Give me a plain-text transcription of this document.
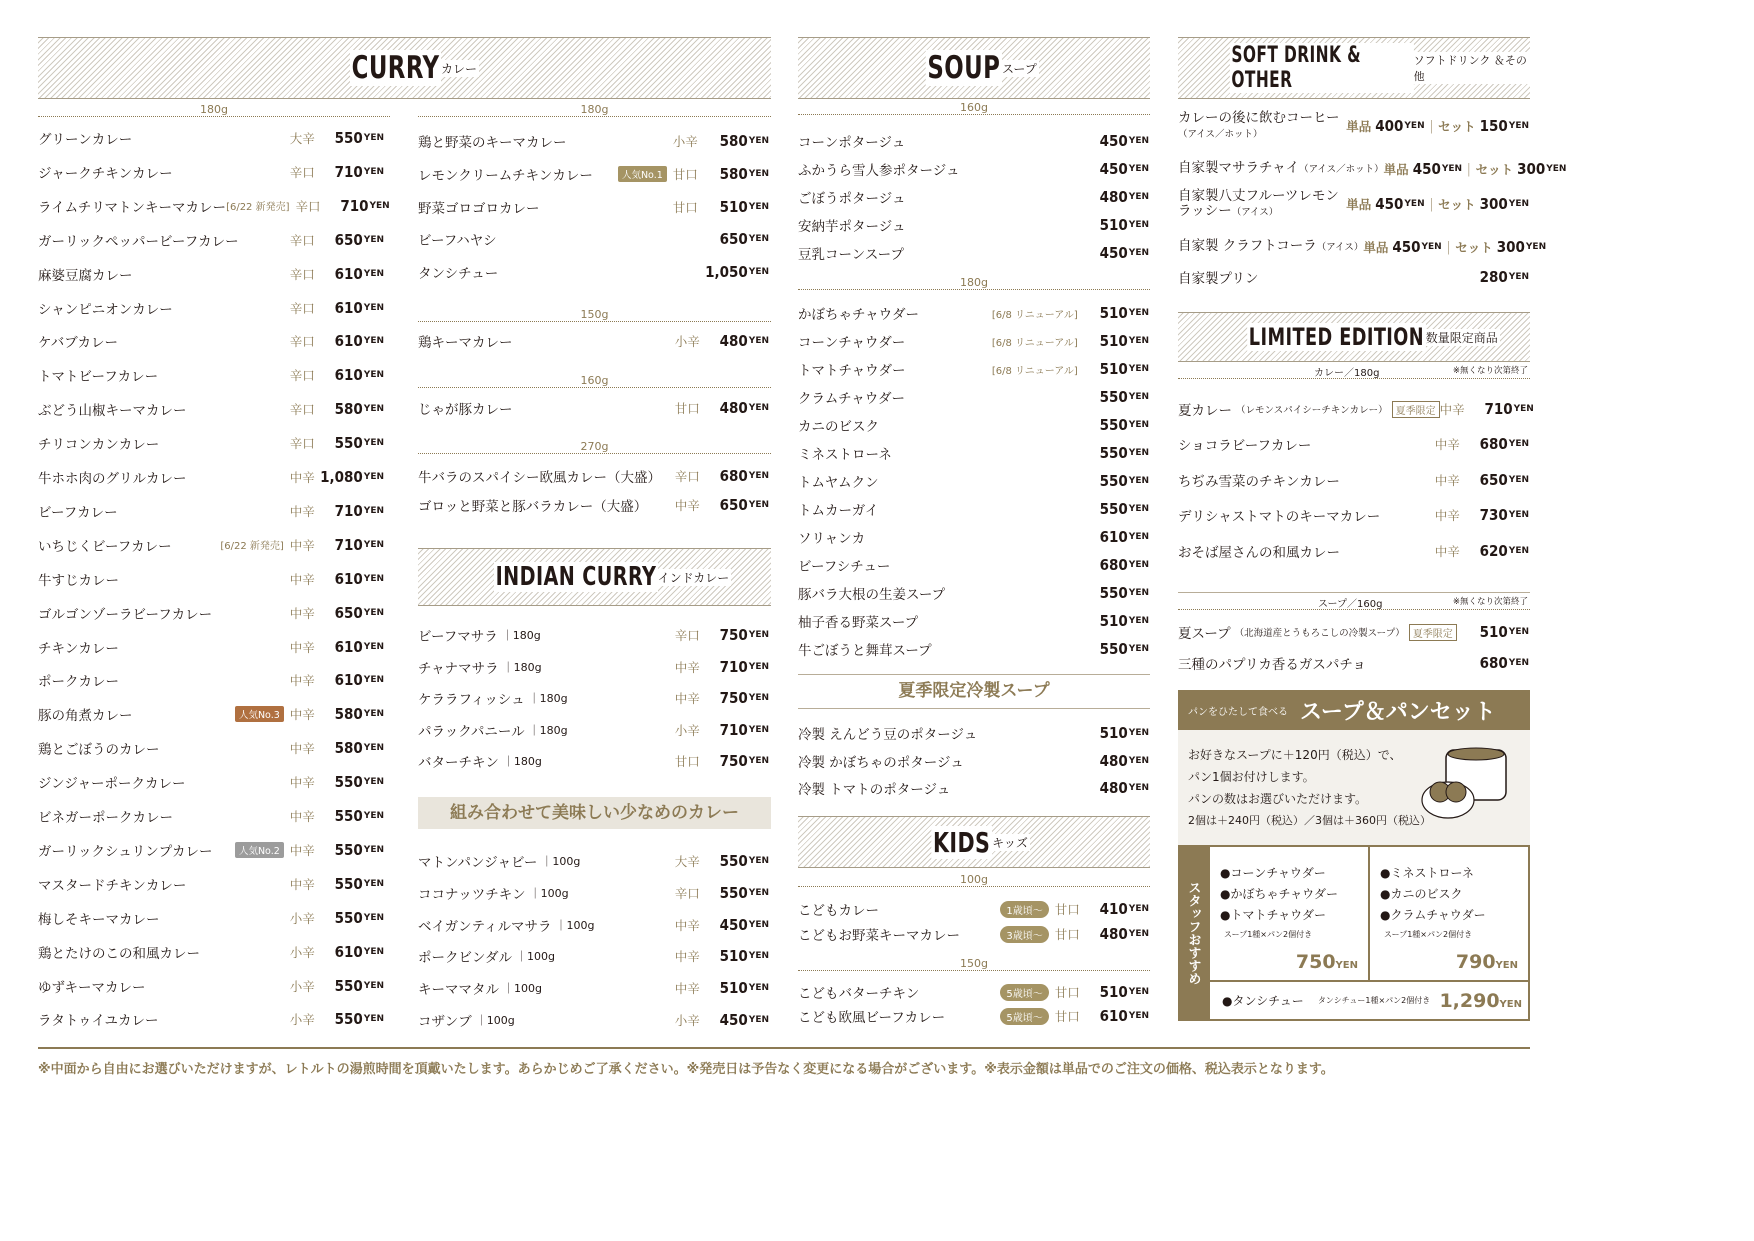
CURRY カレー
180g	180g
グリーンカレー	大辛	550 YEN
ジャークチキンカレー	辛口	710 YEN
ライムチリマトンキーマカレー [6/22 新発売] 辛口	710 YEN
ガーリックペッパービーフカレー	辛口	650 YEN
麻婆豆腐カレー	辛口	610 YEN
シャンピニオンカレー	辛口	610 YEN
ケバブカレー	辛口	610 YEN
トマトビーフカレー	辛口	610 YEN
ぶどう山椒キーマカレー	辛口	580 YEN
チリコンカンカレー	辛口	550 YEN
牛ホホ肉のグリルカレー	中辛 1,080 YEN
ビーフカレー	中辛	710 YEN
いちじくビーフカレー	[6/22 新発売] 中辛	710 YEN
牛すじカレー	中辛	610 YEN
ゴルゴンゾーラビーフカレー	中辛	650 YEN
チキンカレー	中辛	610 YEN
ポークカレー	中辛	610 YEN
豚の角煮カレー	人気No.3 中辛	580 YEN
鶏とごぼうのカレー	中辛	580 YEN
ジンジャーポークカレー	中辛	550 YEN
ビネガーポークカレー	中辛	550 YEN
ガーリックシュリンプカレー	人気No.2 中辛	550 YEN
マスタードチキンカレー	中辛	550 YEN
梅しそキーマカレー	小辛	550 YEN
鶏とたけのこの和風カレー	小辛	610 YEN
ゆずキーマカレー	小辛	550 YEN
ラタトゥイユカレー	小辛	550 YEN
鶏と野菜のキーマカレー	小辛	580 YEN
レモンクリームチキンカレー	人気No.1 甘口	580 YEN
野菜ゴロゴロカレー	甘口	510 YEN
ビーフハヤシ	650 YEN
タンシチュー	1,050 YEN
鶏キーマカレー	小辛	480 YEN
じゃが豚カレー	甘口	480 YEN
牛バラのスパイシー欧風カレー（大盛） 辛口	680 YEN
ゴロッと野菜と豚バラカレー（大盛） 中辛	650 YEN
150g
160g
270g
INDIAN CURRY インドカレー
ビーフマサラ ｜180g	辛口	750 YEN
チャナマサラ ｜180g	中辛	710 YEN
ケララフィッシュ ｜180g	中辛	750 YEN
パラックパニール ｜180g	小辛	710 YEN
バターチキン ｜180g	甘口	750 YEN
組み合わせて美味しい少なめのカレー
マトンパンジャビー ｜100g	大辛	550 YEN
ココナッツチキン ｜100g	辛口	550 YEN
ベイガンティルマサラ ｜100g	中辛	450 YEN
ポークビンダル ｜100g	中辛	510 YEN
キーママタル ｜100g	中辛	510 YEN
コザンブ ｜100g	小辛	450 YEN
SOUP スープ
160g
180g
コーンポタージュ	450 YEN
ふかうら雪人参ポタージュ	450 YEN
ごぼうポタージュ	480 YEN
安納芋ポタージュ	510 YEN
豆乳コーンスープ	450 YEN
かぼちゃチャウダー	[6/8 リニューアル]	510 YEN
コーンチャウダー	[6/8 リニューアル]	510 YEN
トマトチャウダー	[6/8 リニューアル]	510 YEN
クラムチャウダー	550 YEN
カニのビスク	550 YEN
ミネストローネ	550 YEN
トムヤムクン	550 YEN
トムカーガイ	550 YEN
ソリャンカ	610 YEN
ビーフシチュー	680 YEN
豚バラ大根の生姜スープ	550 YEN
柚子香る野菜スープ	510 YEN
牛ごぼうと舞茸スープ	550 YEN
夏季限定冷製スープ
冷製 えんどう豆のポタージュ	510 YEN
冷製 かぼちゃのポタージュ	480 YEN
冷製 トマトのポタージュ	480 YEN
KIDS キッズ
100g
150g
こどもカレー	1歳頃〜 甘口	410 YEN
こどもお野菜キーマカレー	3歳頃〜 甘口	480 YEN
こどもバターチキン	5歳頃〜 甘口	510 YEN
こども欧風ビーフカレー	5歳頃〜 甘口	610 YEN
SOFT DRINK & OTHER
ソフトドリンク ＆その他
カレーの後に飲むコーヒー
（アイス／ホット）	単品 400 YEN ｜ セット 150 YEN
自家製マサラチャイ（アイス／ホット） 単品 450 YEN ｜ セット 300 YEN
自家製八丈フルーツレモン
ラッシー（アイス）	単品 450 YEN ｜ セット 300 YEN
自家製 クラフトコーラ（アイス） 単品 450 YEN ｜ セット 300 YEN
自家製プリン	280 YEN
LIMITED EDITION 数量限定商品
カレー／180g	※無くなり次第終了
夏カレー （レモンスパイシーチキンカレー） 夏季限定 中辛	710 YEN
ショコラビーフカレー	中辛	680 YEN
ちぢみ雪菜のチキンカレー	中辛	650 YEN
デリシャストマトのキーマカレー	中辛	730 YEN
おそば屋さんの和風カレー	中辛	620 YEN
スープ／160g	※無くなり次第終了
夏スープ （北海道産とうもろこしの冷製スープ） 夏季限定	510 YEN
三種のパプリカ香るガスパチョ	680 YEN
パンをひたして食べる スープ＆パンセット
お好きなスープに＋120円（税込）で、
パン1個お付けします。
パンの数はお選びいただけます。
2個は＋240円（税込）／3個は＋360円（税込）
スタッフおすすめ
●コーンチャウダー
●かぼちゃチャウダー
●トマトチャウダー
スープ1種×パン2個付き
750YEN
●ミネストローネ
●カニのビスク
●クラムチャウダー
スープ1種×パン2個付き
790YEN
●タンシチュー タンシチュー1種×パン2個付き 1,290YEN
※中面から自由にお選びいただけますが、レトルトの湯煎時間を頂戴いたします。あらかじめご了承ください。※発売日は予告なく変更になる場合がございます。※表示金額は単品でのご注文の価格、税込表示となります。
